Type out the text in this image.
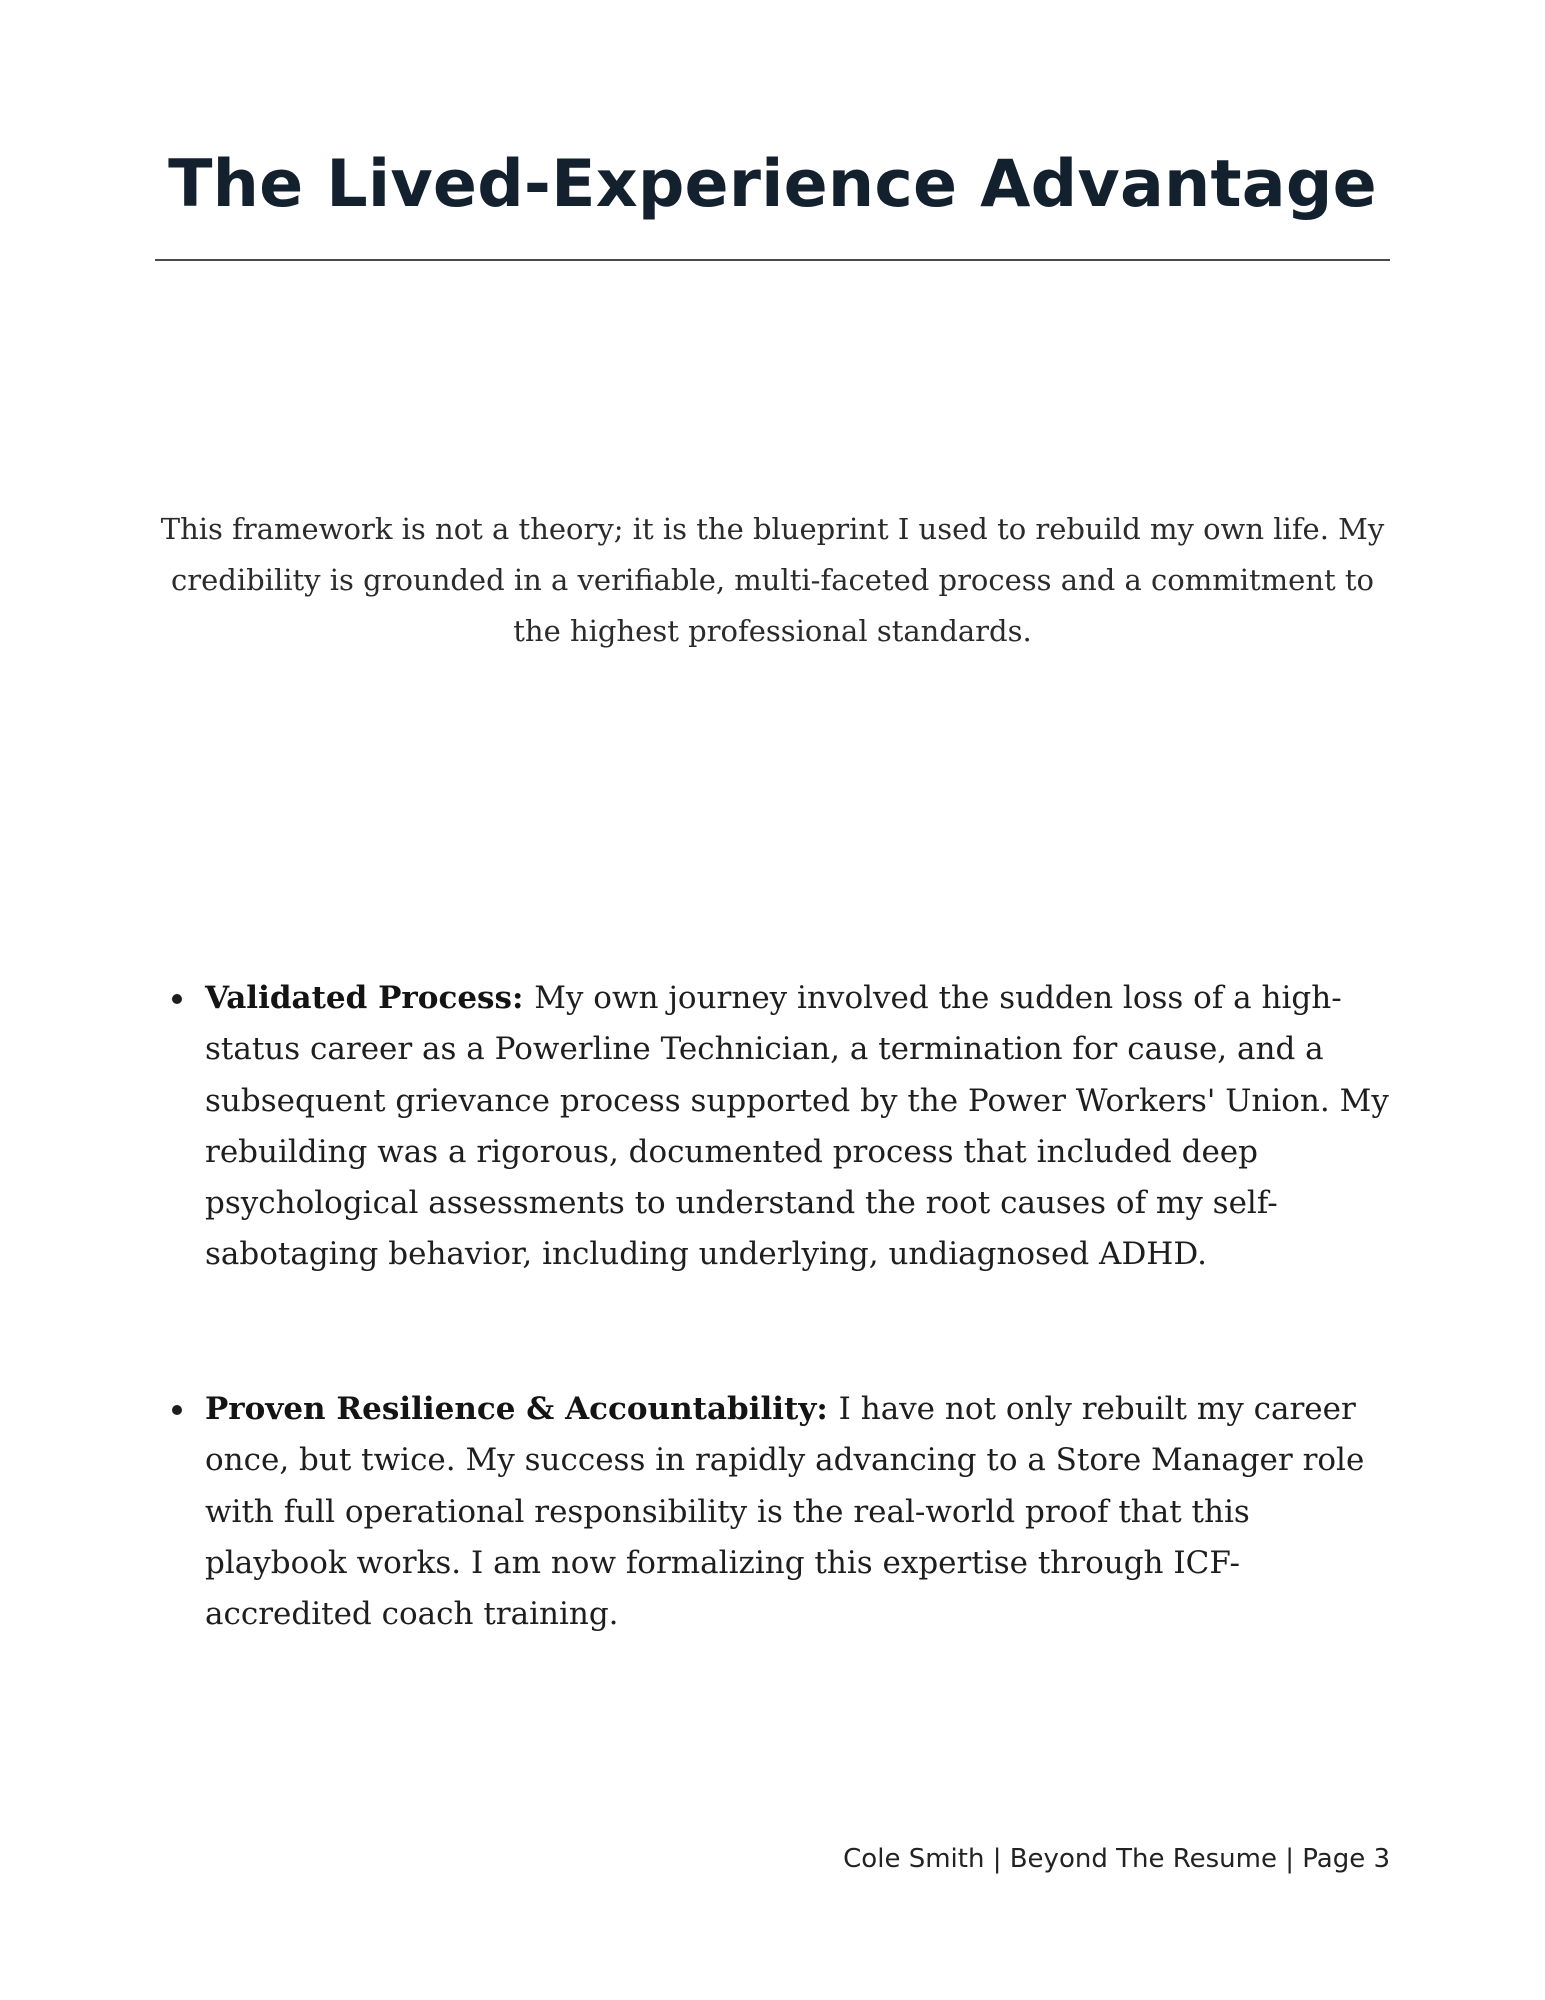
The Lived-Experience Advantage

This framework is not a theory; it is the blueprint I used to rebuild my own life. My credibility is grounded in a verifiable, multi-faceted process and a commitment to the highest professional standards.

Validated Process: My own journey involved the sudden loss of a high-status career as a Powerline Technician, a termination for cause, and a subsequent grievance process supported by the Power Workers' Union. My rebuilding was a rigorous, documented process that included deep psychological assessments to understand the root causes of my self-sabotaging behavior, including underlying, undiagnosed ADHD.
Proven Resilience & Accountability: I have not only rebuilt my career once, but twice. My success in rapidly advancing to a Store Manager role with full operational responsibility is the real-world proof that this playbook works. I am now formalizing this expertise through ICF-accredited coach training.

Cole Smith | Beyond The Resume | Page 3
